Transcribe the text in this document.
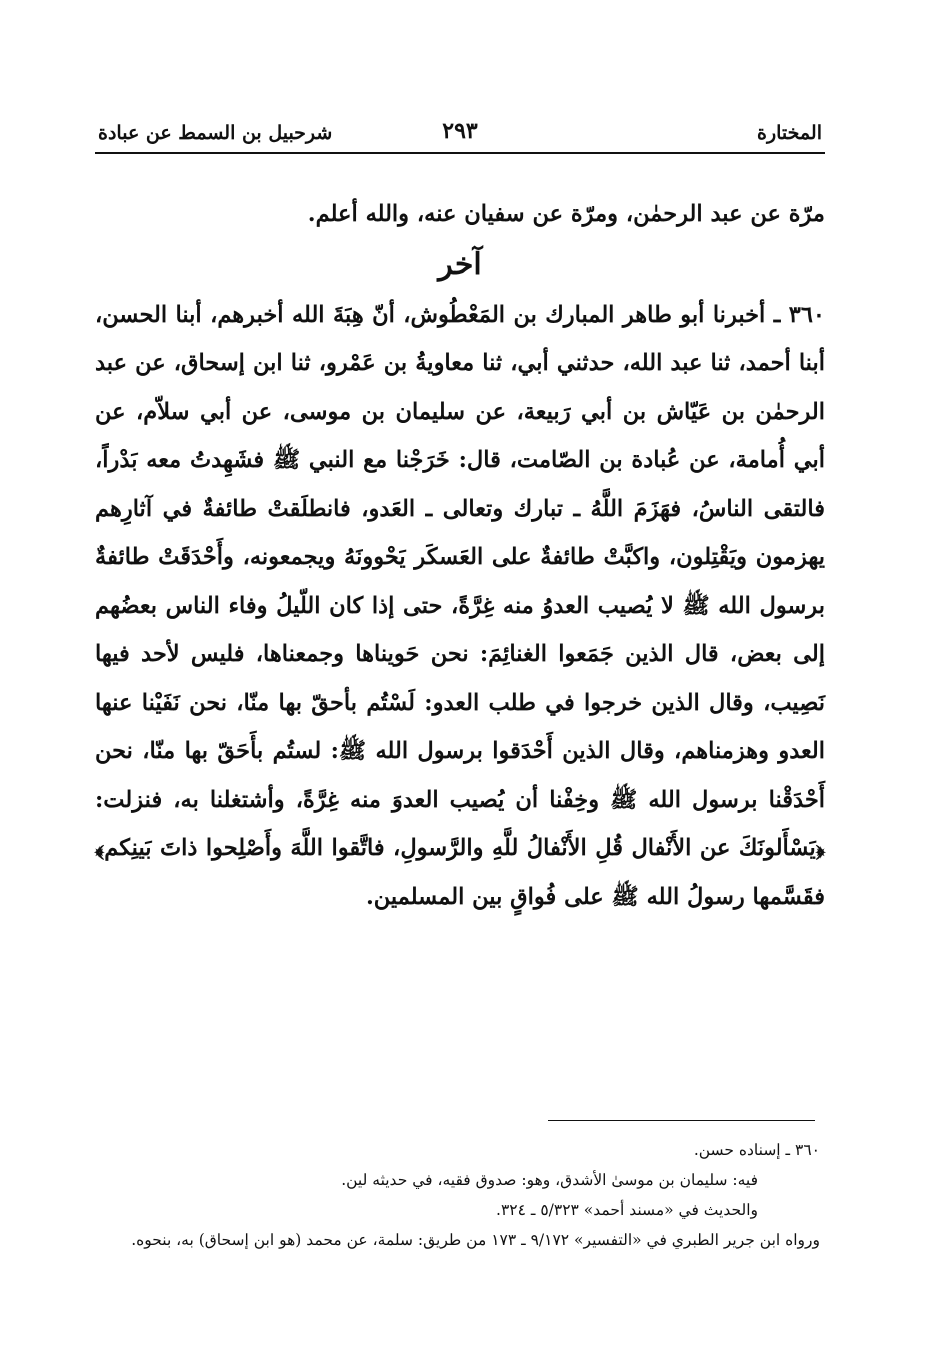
المختارة
٢٩٣
شرحبيل بن السمط عن عبادة

مرّة عن عبد الرحمٰن، ومرّة عن سفيان عنه، والله أعلم.

آخر

٣٦٠ ـ أخبرنا أبو طاهر المبارك بن المَعْطُوش، أنّ هِبَةَ الله أخبرهم، أبنا الحسن، أبنا أحمد، ثنا عبد الله، حدثني أبي، ثنا معاويةُ بن عَمْرو، ثنا ابن إسحاق، عن عبد الرحمٰن بن عَيّاش بن أبي رَبيعة، عن سليمان بن موسى، عن أبي سلاّم، عن أبي أُمامة، عن عُبادة بن الصّامت، قال: خَرَجْنا مع النبي ﷺ فشَهِدتُ معه بَدْراً، فالتقى الناسُ، فهَزَمَ اللَّهُ ـ تبارك وتعالى ـ العَدو، فانطلَقتْ طائفةٌ في آثارِهم يهزمون ويَقْتِلون، واكبَّتْ طائفةٌ على العَسكَر يَحْوونَهُ ويجمعونه، وأَحْدَقَتْ طائفةٌ برسول الله ﷺ لا يُصيب العدوُ منه غِرَّةً، حتى إذا كان اللّيلُ وفاء الناس بعضُهم إلى بعض، قال الذين جَمَعوا الغنائِمَ: نحن حَويناها وجمعناها، فليس لأحد فيها نَصِيب، وقال الذين خرجوا في طلب العدو: لَسْتُم بأحقّ بها منّا، نحن نَفَيْنا عنها العدو وهزمناهم، وقال الذين أَحْدَقوا برسول الله ﷺ: لستُم بأَحَقّ بها منّا، نحن أَحْدَقْنا برسول الله ﷺ وخِفْنا أن يُصيب العدوَ منه غِرَّةً، وأشتغلنا به، فنزلت: ﴿يَسْأَلونَكَ عن الأَنْفال قُلِ الأَنْفالُ للَّهِ والرَّسولِ، فاتَّقوا اللَّهَ وأَصْلِحوا ذاتَ بَينِكم﴾ فقَسَّمها رسولُ الله ﷺ على فُواقٍ بين المسلمين.

٣٦٠ ـ إسناده حسن.

فيه: سليمان بن موسىٰ الأشدق، وهو: صدوق فقيه، في حديثه لين.

والحديث في «مسند أحمد» ٥/٣٢٣ ـ ٣٢٤.

ورواه ابن جرير الطبري في «التفسير» ٩/١٧٢ ـ ١٧٣ من طريق: سلمة، عن محمد (هو ابن إسحاق) به، بنحوه.
